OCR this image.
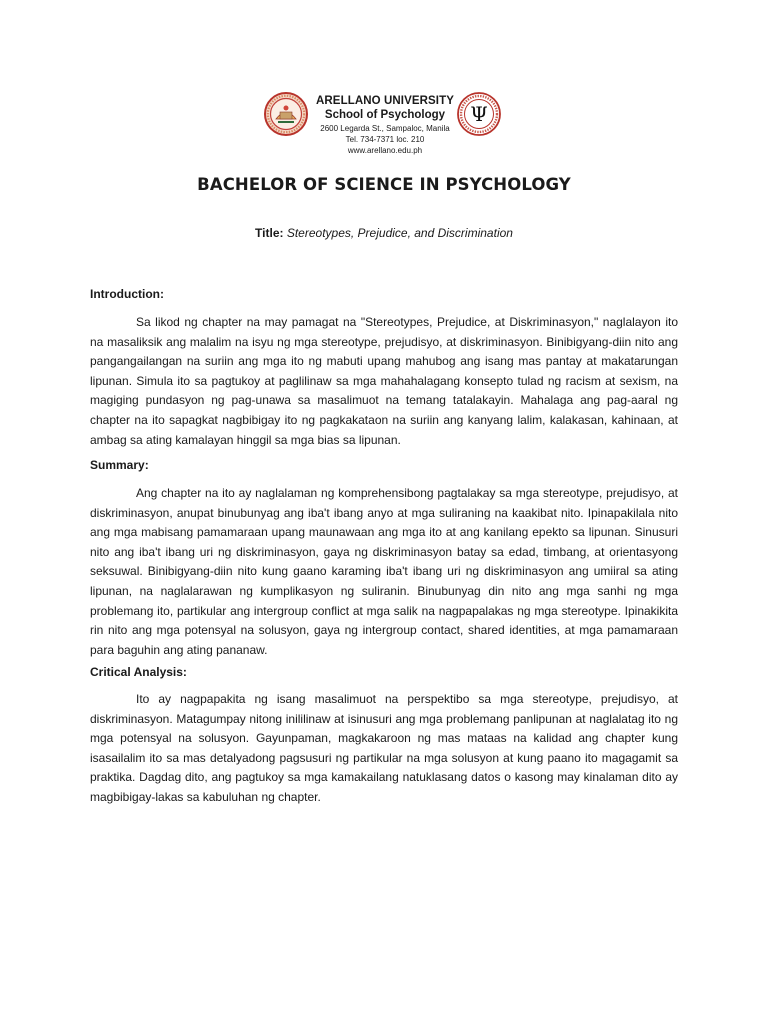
ARELLANO UNIVERSITY
School of Psychology
2600 Legarda St., Sampaloc, Manila
Tel. 734-7371 loc. 210
www.arellano.edu.ph
Ψ
BACHELOR OF SCIENCE IN PSYCHOLOGY
Title: Stereotypes, Prejudice, and Discrimination
Introduction:

Sa likod ng chapter na may pamagat na "Stereotypes, Prejudice, at Diskriminasyon," naglalayon ito na masaliksik ang malalim na isyu ng mga stereotype, prejudisyo, at diskriminasyon. Binibigyang-diin nito ang pangangailangan na suriin ang mga ito ng mabuti upang mahubog ang isang mas pantay at makatarungan lipunan. Simula ito sa pagtukoy at paglilinaw sa mga mahahalagang konsepto tulad ng racism at sexism, na magiging pundasyon ng pag-unawa sa masalimuot na temang tatalakayin. Mahalaga ang pag-aaral ng chapter na ito sapagkat nagbibigay ito ng pagkakataon na suriin ang kanyang lalim, kalakasan, kahinaan, at ambag sa ating kamalayan hinggil sa mga bias sa lipunan.

Summary:

Ang chapter na ito ay naglalaman ng komprehensibong pagtalakay sa mga stereotype, prejudisyo, at diskriminasyon, anupat binubunyag ang iba't ibang anyo at mga suliraning na kaakibat nito. Ipinapakilala nito ang mga mabisang pamamaraan upang maunawaan ang mga ito at ang kanilang epekto sa lipunan. Sinusuri nito ang iba't ibang uri ng diskriminasyon, gaya ng diskriminasyon batay sa edad, timbang, at orientasyong seksuwal. Binibigyang-diin nito kung gaano karaming iba't ibang uri ng diskriminasyon ang umiiral sa ating lipunan, na naglalarawan ng kumplikasyon ng suliranin. Binubunyag din nito ang mga sanhi ng mga problemang ito, partikular ang intergroup conflict at mga salik na nagpapalakas ng mga stereotype. Ipinakikita rin nito ang mga potensyal na solusyon, gaya ng intergroup contact, shared identities, at mga pamamaraan para baguhin ang ating pananaw.

Critical Analysis:

Ito ay nagpapakita ng isang masalimuot na perspektibo sa mga stereotype, prejudisyo, at diskriminasyon. Matagumpay nitong inililinaw at isinusuri ang mga problemang panlipunan at naglalatag ito ng mga potensyal na solusyon. Gayunpaman, magkakaroon ng mas mataas na kalidad ang chapter kung isasailalim ito sa mas detalyadong pagsusuri ng partikular na mga solusyon at kung paano ito magagamit sa praktika. Dagdag dito, ang pagtukoy sa mga kamakailang natuklasang datos o kasong may kinalaman dito ay magbibigay-lakas sa kabuluhan ng chapter.
